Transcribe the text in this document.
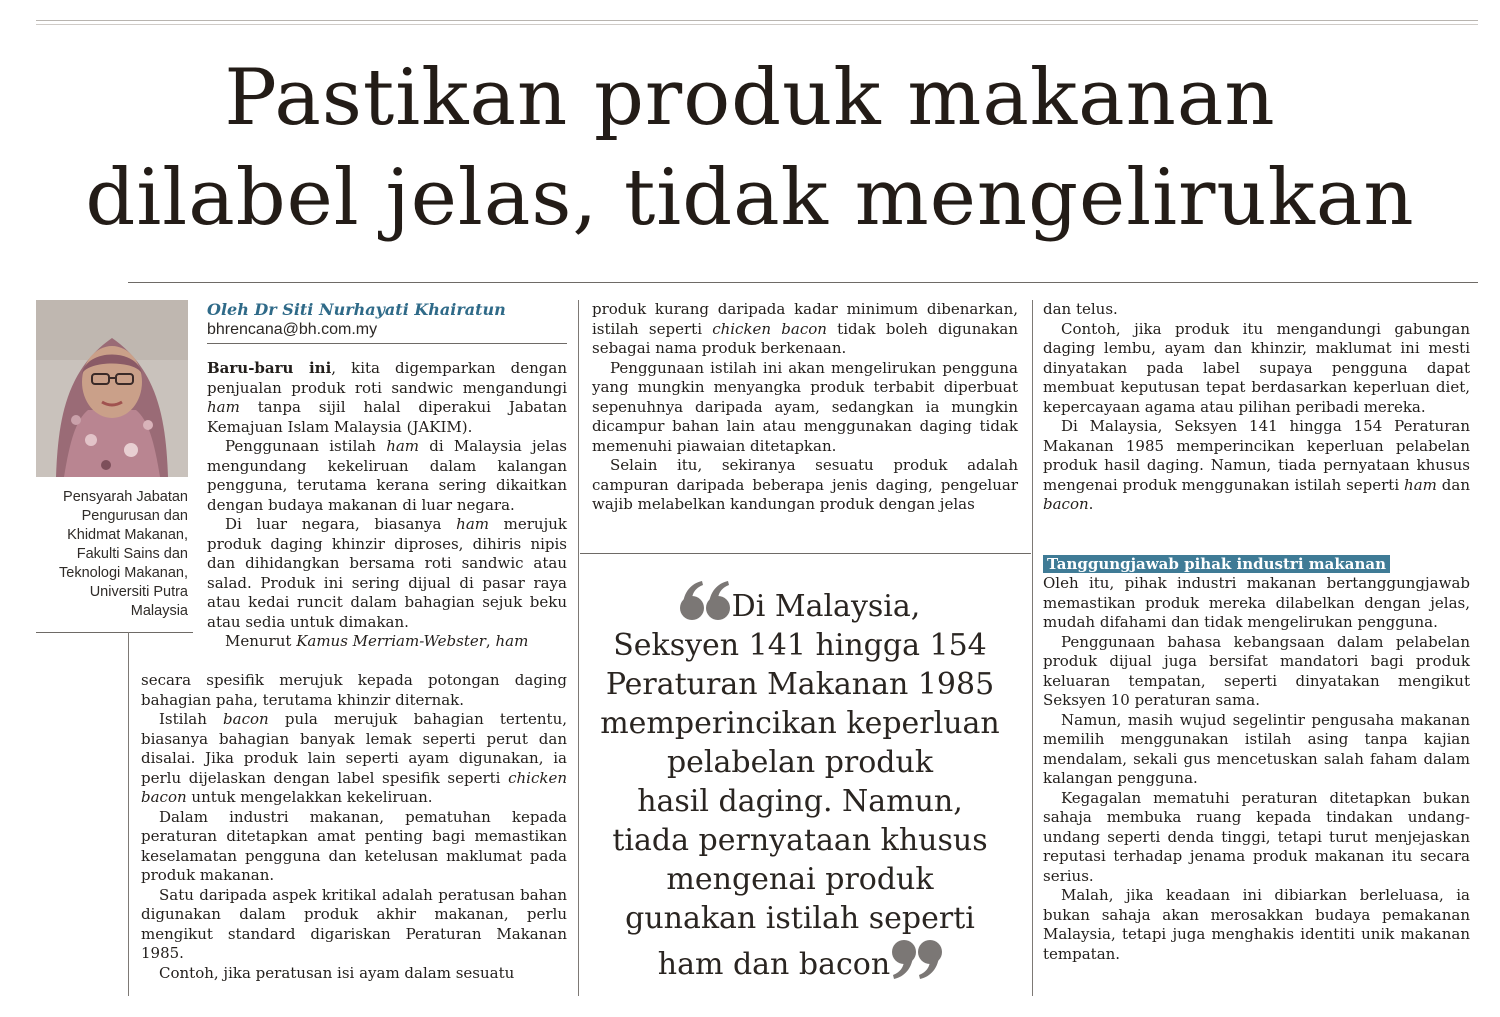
Pastikan produk makanan
dilabel jelas, tidak mengelirukan
Pensyarah Jabatan
Pengurusan dan
Khidmat Makanan,
Fakulti Sains dan
Teknologi Makanan,
Universiti Putra
Malaysia
Oleh Dr Siti Nurhayati Khairatun
bhrencana@bh.com.my

Baru-baru ini, kita digemparkan dengan penjualan produk roti sandwic mengandungi ham tanpa sijil halal diperakui Jabatan Kemajuan Islam Malaysia (JAKIM).

Penggunaan istilah ham di Malaysia jelas mengundang kekeliruan dalam kalangan pengguna, terutama kerana sering dikaitkan dengan budaya makanan di luar negara.

Di luar negara, biasanya ham merujuk produk daging khinzir diproses, dihiris nipis dan dihidangkan bersama roti sandwic atau salad. Produk ini sering dijual di pasar raya atau kedai runcit dalam bahagian sejuk beku atau sedia untuk dimakan.

Menurut Kamus Merriam-Webster, ham

secara spesifik merujuk kepada potongan daging bahagian paha, terutama khinzir diternak.

Istilah bacon pula merujuk bahagian tertentu, biasanya bahagian banyak lemak seperti perut dan disalai. Jika produk lain seperti ayam digunakan, ia perlu dijelaskan dengan label spesifik seperti chicken bacon untuk mengelakkan kekeliruan.

Dalam industri makanan, pematuhan kepada peraturan ditetapkan amat penting bagi memastikan keselamatan pengguna dan ketelusan maklumat pada produk makanan.

Satu daripada aspek kritikal adalah peratusan bahan digunakan dalam produk akhir makanan, perlu mengikut standard digariskan Peraturan Makanan 1985.

Contoh, jika peratusan isi ayam dalam sesuatu

produk kurang daripada kadar minimum dibenarkan, istilah seperti chicken bacon tidak boleh digunakan sebagai nama produk berkenaan.

Penggunaan istilah ini akan mengelirukan pengguna yang mungkin menyangka produk terbabit diperbuat sepenuhnya daripada ayam, sedangkan ia mungkin dicampur bahan lain atau menggunakan daging tidak memenuhi piawaian ditetapkan.

Selain itu, sekiranya sesuatu produk adalah campuran daripada beberapa jenis daging, pengeluar wajib melabelkan kandungan produk dengan jelas

Di Malaysia,
Seksyen 141 hingga 154
Peraturan Makanan 1985
memperincikan keperluan
pelabelan produk
hasil daging. Namun,
tiada pernyataan khusus
mengenai produk
gunakan istilah seperti
ham dan bacon

dan telus.

Contoh, jika produk itu mengandungi gabungan daging lembu, ayam dan khinzir, maklumat ini mesti dinyatakan pada label supaya pengguna dapat membuat keputusan tepat berdasarkan keperluan diet, kepercayaan agama atau pilihan peribadi mereka.

Di Malaysia, Seksyen 141 hingga 154 Peraturan Makanan 1985 memperincikan keperluan pelabelan produk hasil daging. Namun, tiada pernyataan khusus mengenai produk menggunakan istilah seperti ham dan bacon.

Tanggungjawab pihak industri makanan

Oleh itu, pihak industri makanan bertanggungjawab memastikan produk mereka dilabelkan dengan jelas, mudah difahami dan tidak mengelirukan pengguna.

Penggunaan bahasa kebangsaan dalam pelabelan produk dijual juga bersifat mandatori bagi produk keluaran tempatan, seperti dinyatakan mengikut Seksyen 10 peraturan sama.

Namun, masih wujud segelintir pengusaha makanan memilih menggunakan istilah asing tanpa kajian mendalam, sekali gus mencetuskan salah faham dalam kalangan pengguna.

Kegagalan mematuhi peraturan ditetapkan bukan sahaja membuka ruang kepada tindakan undang-undang seperti denda tinggi, tetapi turut menjejaskan reputasi terhadap jenama produk makanan itu secara serius.

Malah, jika keadaan ini dibiarkan berleluasa, ia bukan sahaja akan merosakkan budaya pemakanan Malaysia, tetapi juga menghakis identiti unik makanan tempatan.
